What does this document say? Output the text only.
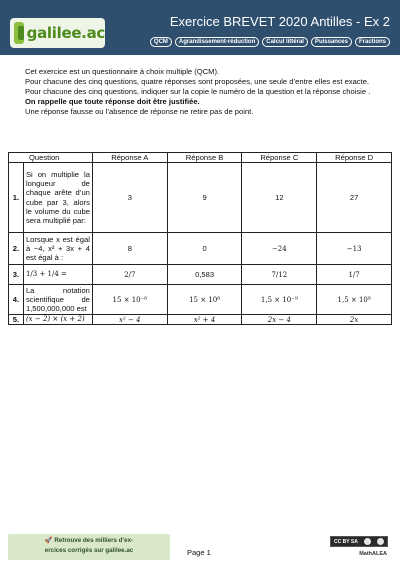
galilee.ac
Exercice BREVET 2020 Antilles - Ex 2
QCM	Agrandissement-réduction	Calcul littéral	Puissances	Fractions

Cet exercice est un questionnaire à choix multiple (QCM).

Pour chacune des cinq questions, quatre réponses sont proposées, une seule d’entre elles est exacte.

Pour chacune des cinq questions, indiquer sur la copie le numéro de la question et la réponse choisie .

On rappelle que toute réponse doit être justifiée.

Une réponse fausse ou l’absence de réponse ne retire pas de point.

Question		Réponse A	Réponse B	Réponse C	Réponse D
1.	Si on multiplie la longueur de chaque arête d’un cube par 3, alors le volume du cube sera multiplié par:	3	9	12	27
2.	Lorsque x est égal à −4, x² + 3x + 4 est égal à :	8	0	−24	−13
3.	1/3 + 1/4 =	2/7	0,583	7/12	1/7
4.	La notation scientifique de 1,500,000,000 est	15 × 10⁻⁸	15 × 10⁸	1,5 × 10⁻⁹	1,5 × 10⁹
5.	(x − 2) × (x + 2)	x² − 4	x² + 4	2x − 4	2x
🚀 Retrouve des milliers d’ex-
ercices corrigés sur galilee.ac	Page 1
CC BY SA
MathALEA
